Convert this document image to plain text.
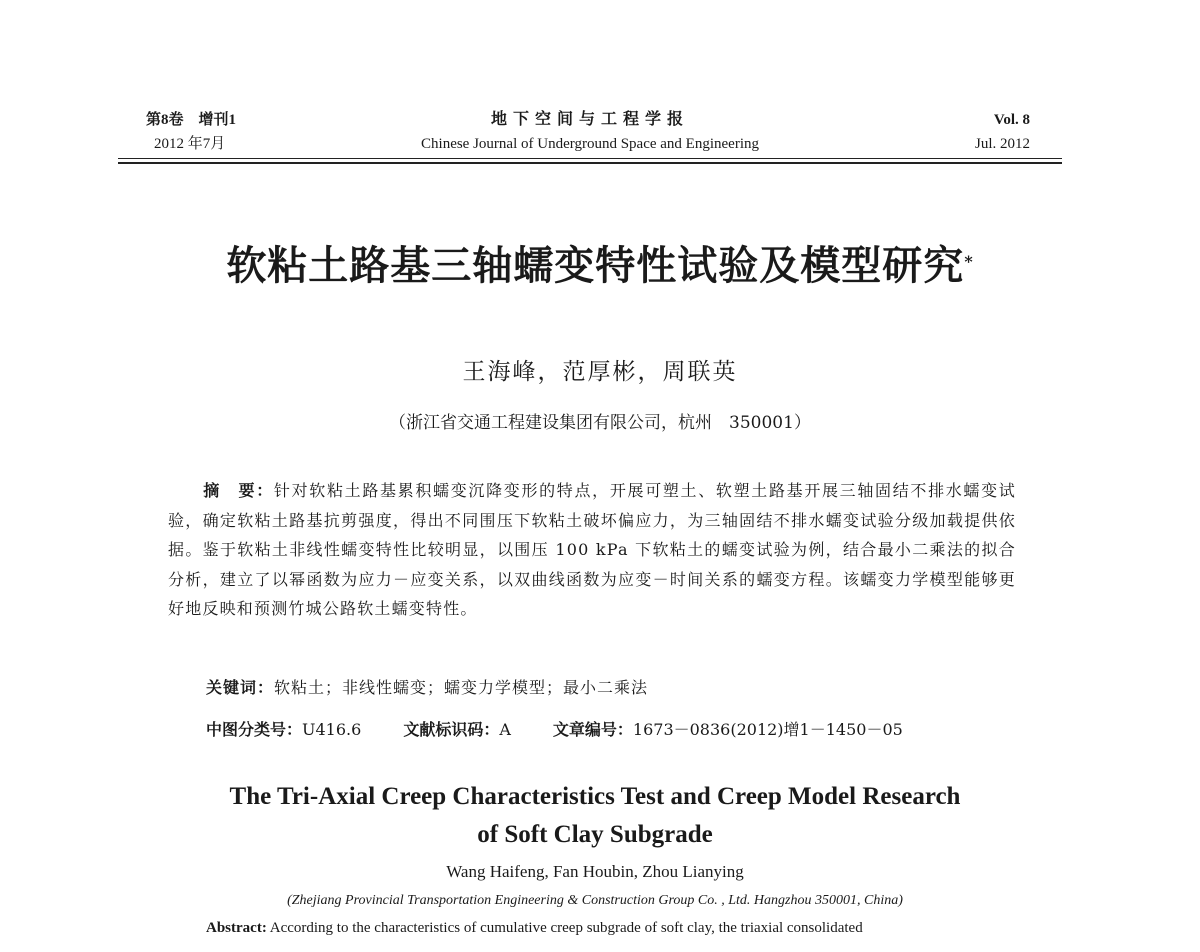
第8卷　增刊1
2012 年7月
地下空间与工程学报
Chinese Journal of Underground Space and Engineering
Vol. 8
Jul. 2012
软粘土路基三轴蠕变特性试验及模型研究*
王海峰，范厚彬，周联英
（浙江省交通工程建设集团有限公司，杭州　350001）
摘　要：针对软粘土路基累积蠕变沉降变形的特点，开展可塑土、软塑土路基开展三轴固结不排水蠕变试验，确定软粘土路基抗剪强度，得出不同围压下软粘土破坏偏应力，为三轴固结不排水蠕变试验分级加载提供依据。鉴于软粘土非线性蠕变特性比较明显，以围压 100 kPa 下软粘土的蠕变试验为例，结合最小二乘法的拟合分析，建立了以幂函数为应力－应变关系，以双曲线函数为应变－时间关系的蠕变方程。该蠕变力学模型能够更好地反映和预测竹城公路软土蠕变特性。
关键词：软粘土；非线性蠕变；蠕变力学模型；最小二乘法
中图分类号：U416.6	文献标识码：A	文章编号：1673－0836(2012)增1－1450－05
The Tri-Axial Creep Characteristics Test and Creep Model Research
of Soft Clay Subgrade
Wang Haifeng, Fan Houbin, Zhou Lianying
(Zhejiang Provincial Transportation Engineering & Construction Group Co. , Ltd. Hangzhou 350001, China)
Abstract: According to the characteristics of cumulative creep subgrade of soft clay, the triaxial consolidated
